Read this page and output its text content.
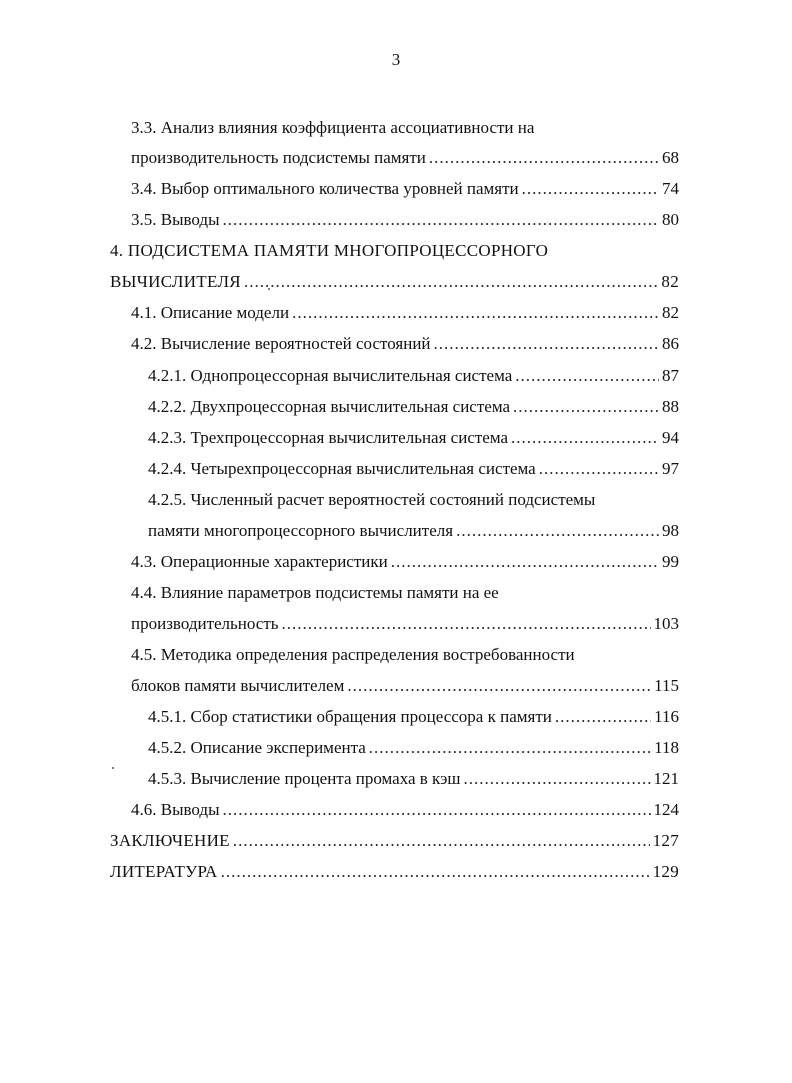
3
3.3. Анализ влияния коэффициента ассоциативности на
производительность подсистемы памяти .....	68
3.4. Выбор оптимального количества уровней памяти .....	74
3.5. Выводы .....	80
4. ПОДСИСТЕМА ПАМЯТИ МНОГОПРОЦЕССОРНОГО
ВЫЧИСЛИТЕЛЯ .....	82
4.1. Описание модели .....	82
4.2. Вычисление вероятностей состояний .....	86
4.2.1. Однопроцессорная вычислительная система .....	87
4.2.2. Двухпроцессорная вычислительная система .....	88
4.2.3. Трехпроцессорная вычислительная система .....	94
4.2.4. Четырехпроцессорная вычислительная система .....	97
4.2.5. Численный расчет вероятностей состояний подсистемы
памяти многопроцессорного вычислителя .....	98
4.3. Операционные характеристики .....	99
4.4. Влияние параметров подсистемы памяти на ее
производительность .....	103
4.5. Методика определения распределения востребованности
блоков памяти вычислителем .....	115
4.5.1. Сбор статистики обращения процессора к памяти .....	116
4.5.2. Описание эксперимента .....	118
4.5.3. Вычисление процента промаха в кэш .....	121
4.6. Выводы .....	124
ЗАКЛЮЧЕНИЕ .....	127
ЛИТЕРАТУРА .....	129
